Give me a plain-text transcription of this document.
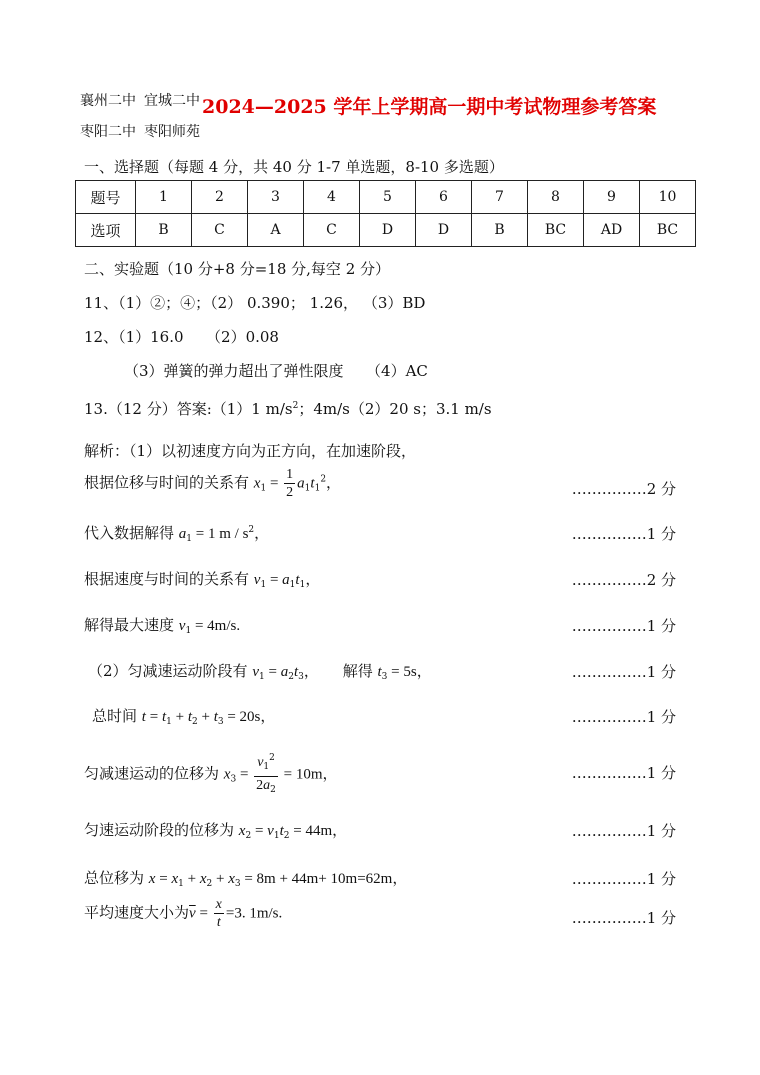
襄州二中 宜城二中
枣阳二中 枣阳师苑
2024—2025 学年上学期高一期中考试物理参考答案
一、选择题（每题 4 分，共 40 分 1-7 单选题，8-10 多选题）
题号	1	2	3	4	5	6	7	8	9	10
选项	B	C	A	C	D	D	B	BC	AD	BC
二、实验题（10 分+8 分=18 分,每空 2 分）
11、（1）②；④；（2） 0.390； 1.26， （3）BD
12、（1）16.0　　（2）0.08
（3）弹簧的弹力超出了弹性限度　　（4）AC
13.（12 分）答案:（1）1 $m/s^2$；4m/s（2）20 s；3.1 m/s
解析：（1）以初速度方向为正方向，在加速阶段，
根据位移与时间的关系有 $x_1 = \frac{1}{2} a_1t_1^2$，	……………2 分
代入数据解得 $a_1 = 1$ m / $s^2$，	……………1 分
根据速度与时间的关系有 $v_1 = a_1t_1$，	……………2 分
解得最大速度 $v_1 = 4m/s$.	……………1 分
（2）匀减速运动阶段有 $v_1 = a_2t_3$，     解得 $t_3 = 5s$，	……………1 分
总时间 $t = t_1 + t_2 + t_3 = 20s$，	……………1 分
匀减速运动的位移为 $x_3 = \frac{v_1^2}{2a_2} = 10m$，	……………1 分
匀速运动阶段的位移为 $x_2 = v_1t_2 = 44m$，	……………1 分
总位移为 $x = x_1 + x_2 + x_3 = 8m + 44m+ 10m=62m$，	……………1 分
平均速度大小为$\overline{v} = \frac{x}{t} =3$. 1m/s.	……………1 分
